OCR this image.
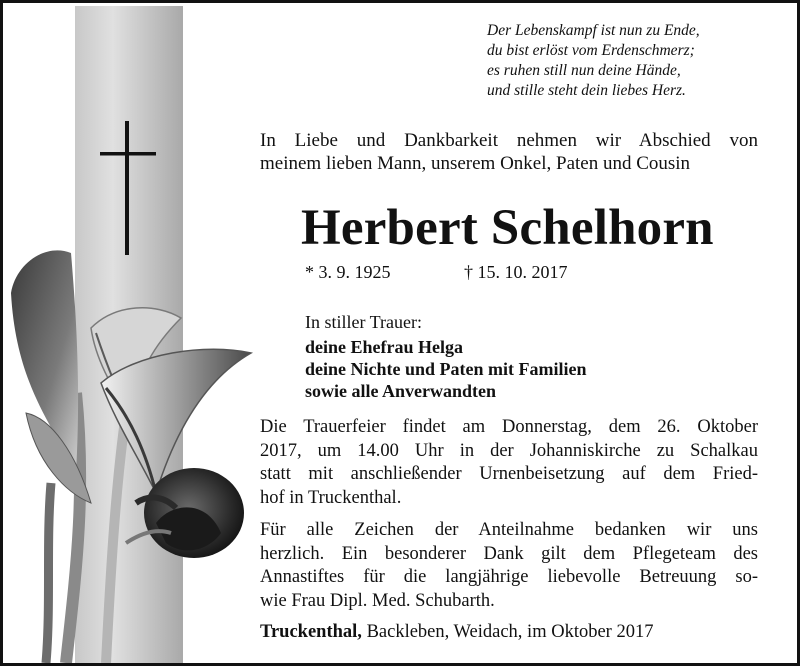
Der Lebenskampf ist nun zu Ende,
du bist erlöst vom Erdenschmerz;
es ruhen still nun deine Hände,
und stille steht dein liebes Herz.
In Liebe und Dankbarkeit nehmen wir Abschied von
meinem lieben Mann, unserem Onkel, Paten und Cousin
Herbert Schelhorn
* 3. 9. 1925	† 15. 10. 2017
In stiller Trauer:
deine Ehefrau Helga
deine Nichte und Paten mit Familien
sowie alle Anverwandten
Die Trauerfeier findet am Donnerstag, dem 26. Oktober
2017, um 14.00 Uhr in der Johanniskirche zu Schalkau
statt mit anschließender Urnenbeisetzung auf dem Fried-
hof in Truckenthal.
Für alle Zeichen der Anteilnahme bedanken wir uns
herzlich. Ein besonderer Dank gilt dem Pflegeteam des
Annastiftes für die langjährige liebevolle Betreuung so-
wie Frau Dipl. Med. Schubarth.
Truckenthal, Backleben, Weidach, im Oktober 2017
